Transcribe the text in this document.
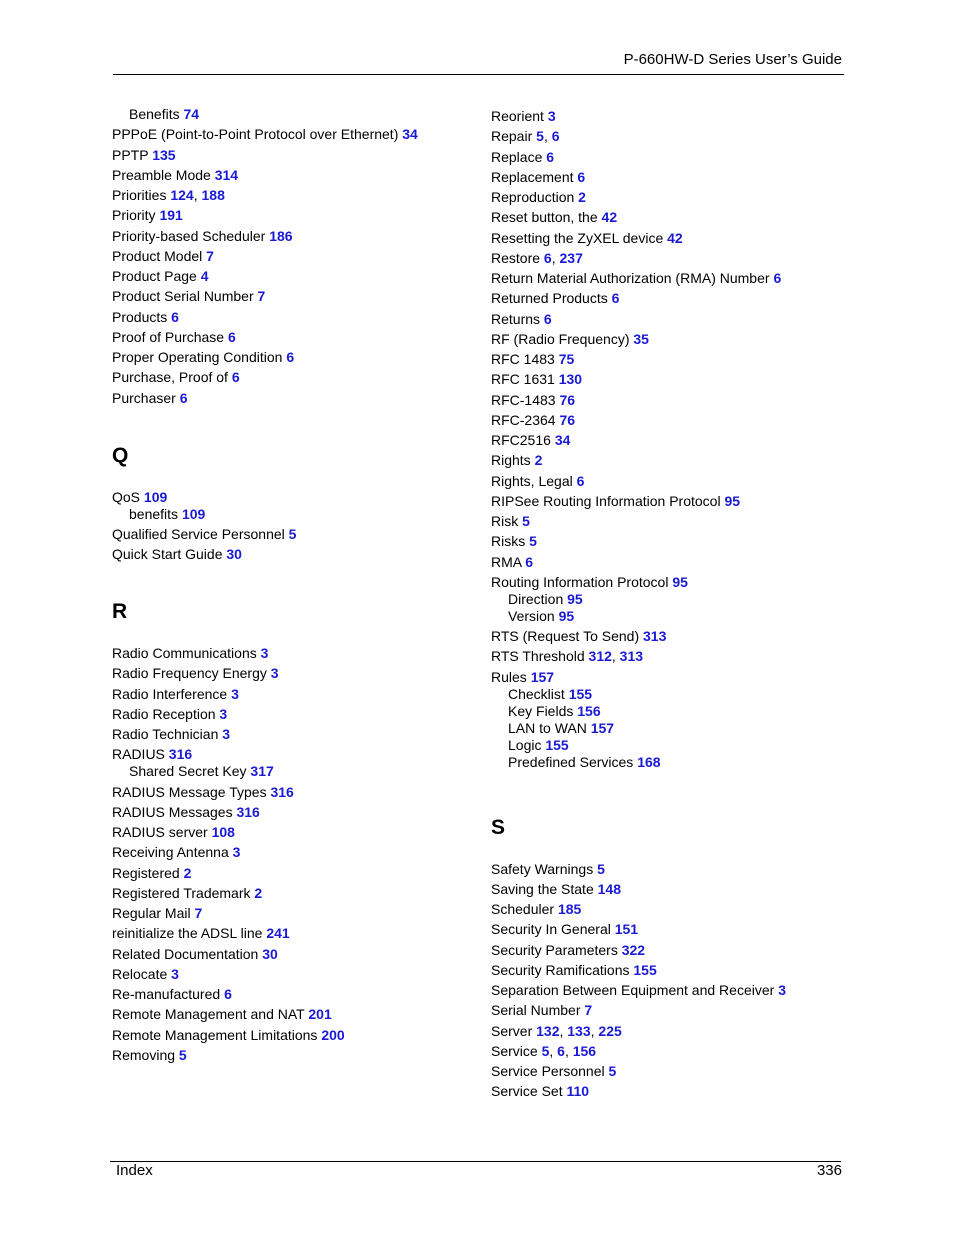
P-660HW-D Series User’s Guide
Benefits 74
PPPoE (Point-to-Point Protocol over Ethernet) 34
PPTP 135
Preamble Mode 314
Priorities 124, 188
Priority 191
Priority-based Scheduler 186
Product Model 7
Product Page 4
Product Serial Number 7
Products 6
Proof of Purchase 6
Proper Operating Condition 6
Purchase, Proof of 6
Purchaser 6
Q
QoS 109
benefits 109
Qualified Service Personnel 5
Quick Start Guide 30
R
Radio Communications 3
Radio Frequency Energy 3
Radio Interference 3
Radio Reception 3
Radio Technician 3
RADIUS 316
Shared Secret Key 317
RADIUS Message Types 316
RADIUS Messages 316
RADIUS server 108
Receiving Antenna 3
Registered 2
Registered Trademark 2
Regular Mail 7
reinitialize the ADSL line 241
Related Documentation 30
Relocate 3
Re-manufactured 6
Remote Management and NAT 201
Remote Management Limitations 200
Removing 5
Reorient 3
Repair 5, 6
Replace 6
Replacement 6
Reproduction 2
Reset button, the 42
Resetting the ZyXEL device 42
Restore 6, 237
Return Material Authorization (RMA) Number 6
Returned Products 6
Returns 6
RF (Radio Frequency) 35
RFC 1483 75
RFC 1631 130
RFC-1483 76
RFC-2364 76
RFC2516 34
Rights 2
Rights, Legal 6
RIPSee Routing Information Protocol 95
Risk 5
Risks 5
RMA 6
Routing Information Protocol 95
Direction 95
Version 95
RTS (Request To Send) 313
RTS Threshold 312, 313
Rules 157
Checklist 155
Key Fields 156
LAN to WAN 157
Logic 155
Predefined Services 168
S
Safety Warnings 5
Saving the State 148
Scheduler 185
Security In General 151
Security Parameters 322
Security Ramifications 155
Separation Between Equipment and Receiver 3
Serial Number 7
Server 132, 133, 225
Service 5, 6, 156
Service Personnel 5
Service Set 110
Index	336
